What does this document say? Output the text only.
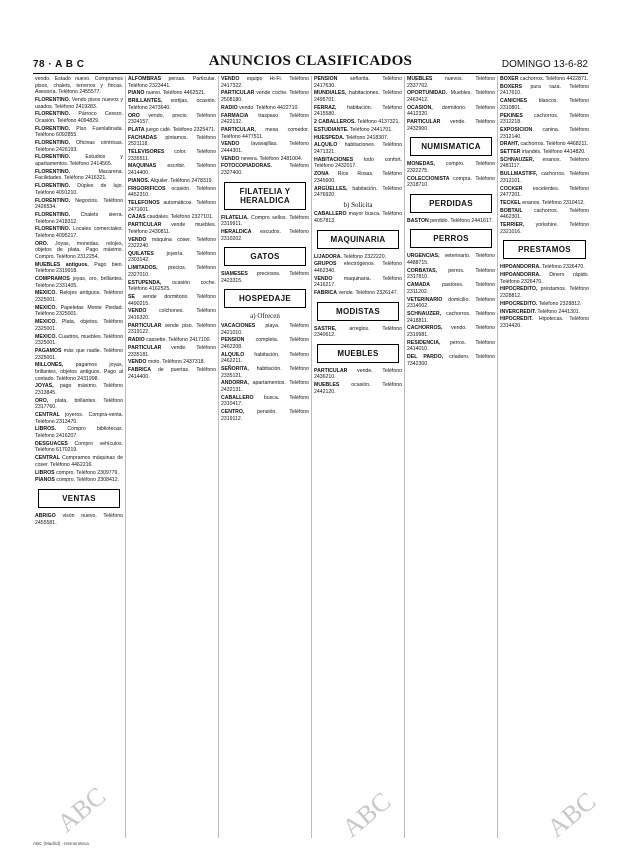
78 · A B C	ANUNCIOS CLASIFICADOS	DOMINGO 13-6-82
vendo. Estado nuevo. Compramos pisos, chalets, terrenos y fincas. Asesoría. Teléfono 2455577.
FLORENTINO. Vendo pisos nuevos y usados. Teléfono 2419283.
FLORENTINO. Párroco Cerezo. Ocasión. Teléfono 4094829.
FLORENTINO. Piso Fuenlabrada. Teléfono 6092855.
FLORENTINO. Oficinas céntricas. Teléfono 2426193.
FLORENTINO.	Estudios y apartamentos. Teléfono 2414565.
FLORENTINO.	Macarena. Facilidades. Teléfono 2416321.
FLORENTINO. Dúplex de lujo. Teléfono 4091210.
FLORENTINO. Negocios. Teléfono 2426534.
FLORENTINO. Chalets sierra. Teléfono 2418312.
FLORENTINO. Locales comerciales. Teléfono 4095217.
ORO. Joyas, monedas, relojes, objetos de plata. Pago máximo. Compro. Teléfono 2312254.
MUEBLES antiguos. Pago bien. Teléfono 2319918.
COMPRAMOS joyas, oro, brillantes. Teléfono 2331405.
MEXICO. Relojes antiguos. Teléfono 2325001.
MEXICO. Papeletas Monte Piedad. Teléfono 2325001.
MEXICO. Plata, objetos. Teléfono 2325001.
MEXICO. Cuadros, muebles. Teléfono 2325001.
PAGAMOS más que nadie. Teléfono 2325001.
MILLONES, pagamos joyas, brillantes, objetos antiguos. Pago al contado. Teléfono 2431998.
JOYAS, pago máximo. Teléfono 2313845.
ORO, plata, brillantes. Teléfono 2317760.
CENTRAL joyeros. Compra-venta. Teléfono 2313470.
LIBROS. Compro bibliotecas. Teléfono 2416207.
DESGUACES Compro vehículos. Teléfono 6170219.
CENTRAL Compramos máquinas de coser. Teléfono 4462216.
LIBROS compro. Teléfono 2309779.
PIANOS compro. Teléfono 2308412.
VENTAS
ABRIGO visón nuevo. Teléfono 2455581.
ALFOMBRAS persas. Particular. Teléfono 2323441.
PIANO nuevo. Teléfono 4462521.
BRILLANTES, sortijas, ocasión. Teléfono 2473640.
ORO vendo, precio. Teléfono 2324157.
PLATA juego café. Teléfono 2325471.
FACHADAS pintamos. Teléfono 2521118.
TELEVISORES color. Teléfono 2335511.
MAQUINAS escribir. Teléfono 2414400.
PIANOS. Alquiler. Teléfono 2478319.
FRIGORIFICOS ocasión. Teléfono 4452310.
TELEFONOS automáticos. Teléfono 2471601.
CAJAS caudales. Teléfono 2327101.
PARTICULAR vende muebles. Teléfono 2430811.
VENDO máquina coser. Teléfono 2322240.
QUILATES joyería. Teléfono 2303142.
LIMITADOS, precios. Teléfono 2327010.
ESTUPENDA, ocasión coche. Teléfono 4162525.
SE vende dormitorio. Teléfono 4490215.
VENDO colchones. Teléfono 2416320.
PARTICULAR vende piso. Teléfono 2319122.
RADIO cassette. Teléfono 2417100.
PARTICULAR vende. Teléfono 2335181.
VENDO moto. Teléfono 2437318.
FABRICA de puertas. Teléfono 2414400.
VENDO equipo Hi-Fi. Teléfono 2417322.
PARTICULAR vende coche. Teléfono 2508180.
RADIO vendo. Teléfono 4422710.
FARMACIA traspaso. Teléfono 2422132.
PARTICULAR, mesa comedor. Teléfono 4477511.
VENDO lavavajillas. Teléfono 2444301.
VENDO nevera. Teléfono 2481004.
FOTOCOPIADORAS.	Teléfono 2327400.
FILATELIA Y HERALDICA
FILATELIA. Compro sellos. Teléfono 2319911.
HERALDICA escudos. Teléfono 2310202.
GATOS
SIAMESES preciosos. Teléfono 2423315.
HOSPEDAJE
a) Ofrecen
VACACIONES playa. Teléfono 2421010.
PENSION completa. Teléfono 2462208.
ALQUILO habitación. Teléfono 2462211.
SEÑORITA, habitación. Teléfono 2335121.
ANDORRA, apartamentos. Teléfono 2432131.
CABALLERO busca. Teléfono 2310417.
CENTRO, pensión. Teléfono 2319112.
PENSION señorita. Teléfono 2417630.
MUNDIALES, habitaciones. Teléfono 2495701.
FERRAZ, habitación. Teléfono 2415580.
2 CABALLEROS. Teléfono 4137321.
ESTUDIANTE. Teléfono 2441701.
HUESPEDA. Teléfono 2418307.
ALQUILO habitaciones. Teléfono 2471321.
HABITACIONES todo confort. Teléfono 2432017.
ZONA Ríos Rosas. Teléfono 2345600.
ARGÜELLES, habitación. Teléfono 2476920.
b) Solicita
CABALLERO mayor busca. Teléfono 4057813.
MAQUINARIA
LIJADORA. Teléfono 2322220.
GRUPOS electrógenos. Teléfono 4462340.
VENDO maquinaria. Teléfono 2416217.
FABRICA vende. Teléfono 2326147.
MODISTAS
SASTRE, arreglos. Teléfono 2340612.
MUEBLES
PARTICULAR vende. Teléfono 2436210.
MUEBLES ocasión. Teléfono 2442120.
MUEBLES nuevos. Teléfono 2337702.
OPORTUNIDAD. Muebles. Teléfono 2463412.
OCASION, dormitorio. Teléfono 4412320.
PARTICULAR vende. Teléfono 2432900.
NUMISMATICA
MONEDAS, compro. Teléfono 2322275.
COLECCIONISTA compra. Teléfono 2318710.
PERDIDAS
BASTON perdido. Teléfono 2441617.
PERROS
URGENCIAS, veterinario. Teléfono 4488715.
CORBATAS, perros. Teléfono 2317810.
CAMADA pastores. Teléfono 2311202.
VETERINARIO domicilio. Teléfono 2314002.
SCHNAUZER, cachorros. Teléfono 2418811.
CACHORROS, vendo. Teléfono 2319981.
RESIDENCIA, perros. Teléfono 2414010.
DEL PARDO, criadero. Teléfono 7342300.
BOXER cachorros. Teléfono 4422871.
BOXERS pura raza. Teléfono 2417610.
CANICHES blancos. Teléfono 2310801.
PEKINES cachorros. Teléfono 2312218.
EXPOSICION canina. Teléfono 2312140.
DRAHT, cachorros. Teléfono 4468211.
SETTER irlandés. Teléfono 4414820.
SCHNAUZER, enanos. Teléfono 2481117.
BULLMASTIFF, cachorros. Teléfono 2312101.
COCKER excelentes. Teléfono 2477201.
TECKEL enanos. Teléfono 2310412.
BOBTAIL cachorros. Teléfono 4462301.
TERRIER, yorkshire. Teléfono 2321016.
PRESTAMOS
HIPOANDORRA. Teléfono 2326470.
HIPOANDORRA. Dinero rápido. Teléfono 2326470.
HIPOCREDITO, préstamos. Teléfono 2328812.
HIPOCREDITO. Teléfono 2328812.
INVERCREDIT. Teléfono 2441301.
HIPOCREDIT. Hipotecas. Teléfono 2314420.
ABC (Madrid) · Hemeroteca
ABC	ABC	ABC
